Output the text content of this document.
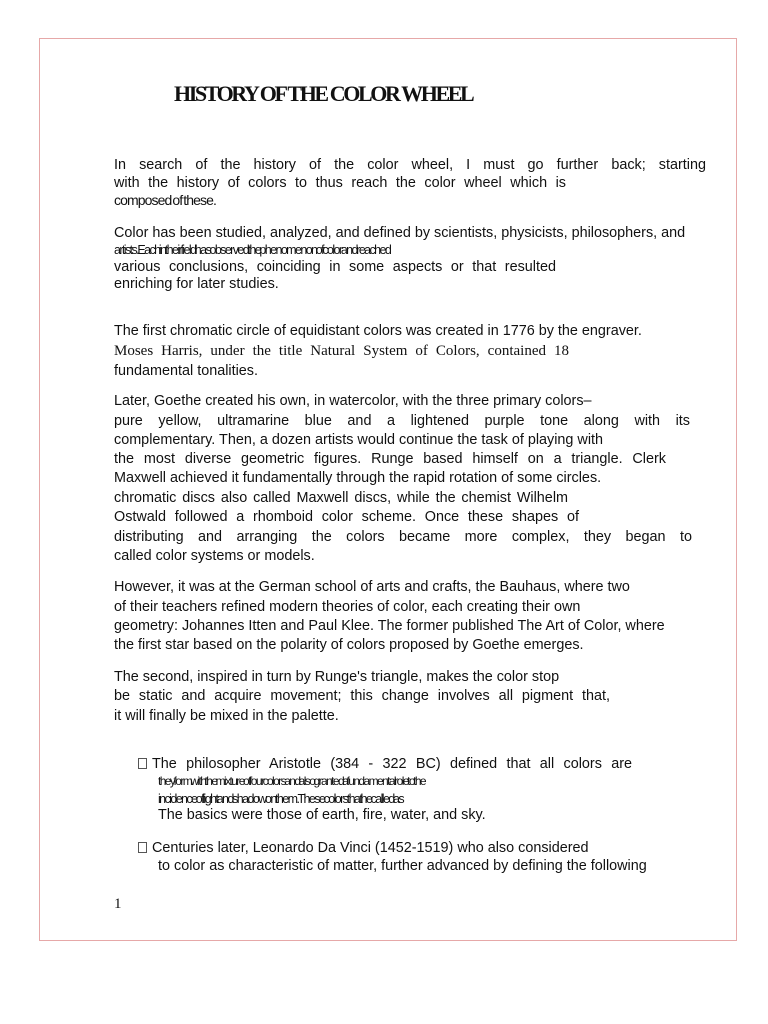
HISTORY OF THE COLOR WHEEL

In search of the history of the color wheel, I must go further back; starting

with the history of colors to thus reach the color wheel which is

composed of these.

Color has been studied, analyzed, and defined by scientists, physicists, philosophers, and

artists. Each in their field has observed the phenomenon of color and reached

various conclusions, coinciding in some aspects or that resulted

enriching for later studies.

The first chromatic circle of equidistant colors was created in 1776 by the engraver.

Moses Harris, under the title Natural System of Colors, contained 18

fundamental tonalities.

Later, Goethe created his own, in watercolor, with the three primary colors–

pure yellow, ultramarine blue and a lightened purple tone along with its

complementary. Then, a dozen artists would continue the task of playing with

the most diverse geometric figures. Runge based himself on a triangle. Clerk

Maxwell achieved it fundamentally through the rapid rotation of some circles.

chromatic discs also called Maxwell discs, while the chemist Wilhelm

Ostwald followed a rhomboid color scheme. Once these shapes of

distributing and arranging the colors became more complex, they began to

called color systems or models.

However, it was at the German school of arts and crafts, the Bauhaus, where two

of their teachers refined modern theories of color, each creating their own

geometry: Johannes Itten and Paul Klee. The former published The Art of Color, where

the first star based on the polarity of colors proposed by Goethe emerges.

The second, inspired in turn by Runge's triangle, makes the color stop

be static and acquire movement; this change involves all pigment that,

it will finally be mixed in the palette.

The philosopher Aristotle (384 - 322 BC) defined that all colors are

they form with the mixture of four colors and also granted a fundamental role to the

incidence of light and shadow on them. These colors that he called as

The basics were those of earth, fire, water, and sky.

Centuries later, Leonardo Da Vinci (1452-1519) who also considered

to color as characteristic of matter, further advanced by defining the following

1
